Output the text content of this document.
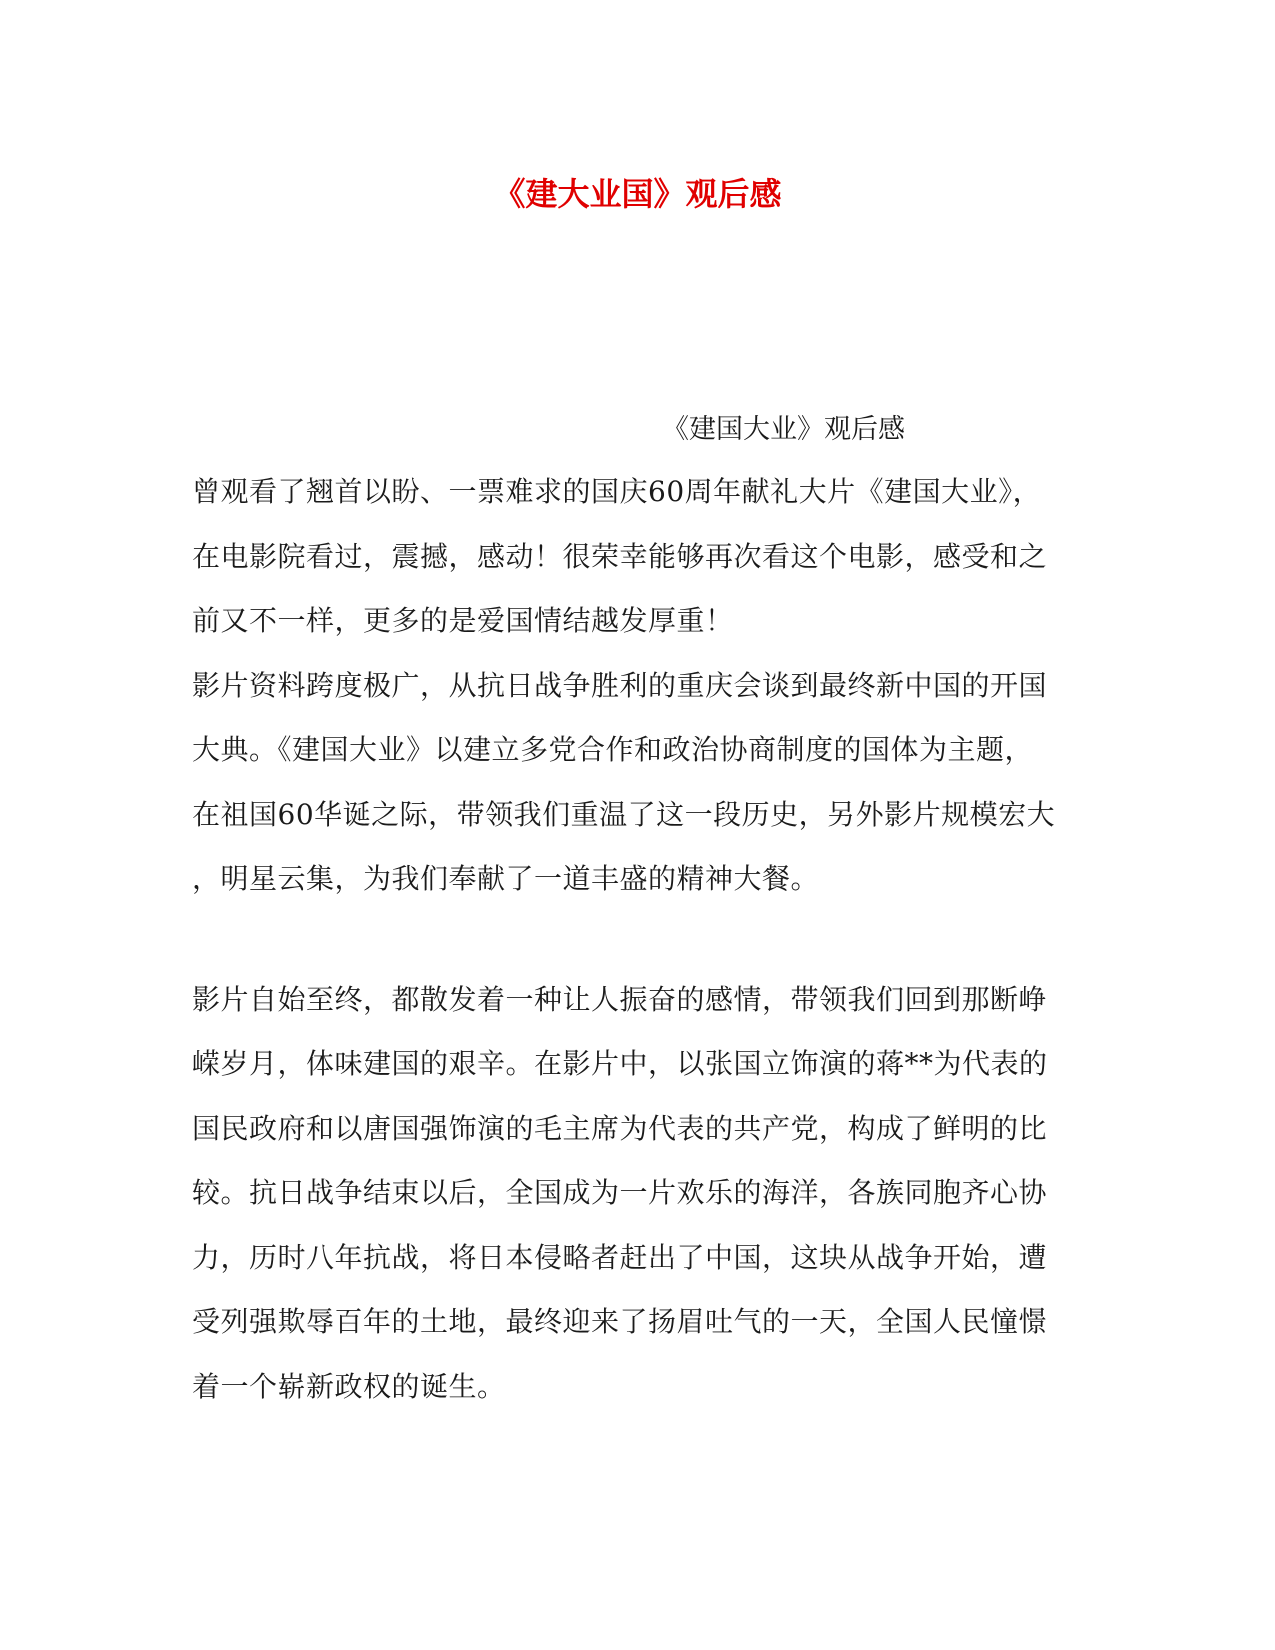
《建大业国》观后感

《建国大业》观后感

曾观看了翘首以盼、一票难求的国庆60周年献礼大片《建国大业》，

在电影院看过，震撼，感动！很荣幸能够再次看这个电影，感受和之

前又不一样，更多的是爱国情结越发厚重！

影片资料跨度极广，从抗日战争胜利的重庆会谈到最终新中国的开国

大典。《建国大业》以建立多党合作和政治协商制度的国体为主题，

在祖国60华诞之际，带领我们重温了这一段历史，另外影片规模宏大

，明星云集，为我们奉献了一道丰盛的精神大餐。

影片自始至终，都散发着一种让人振奋的感情，带领我们回到那断峥

嵘岁月，体味建国的艰辛。在影片中，以张国立饰演的蒋**为代表的

国民政府和以唐国强饰演的毛主席为代表的共产党，构成了鲜明的比

较。抗日战争结束以后，全国成为一片欢乐的海洋，各族同胞齐心协

力，历时八年抗战，将日本侵略者赶出了中国，这块从战争开始，遭

受列强欺辱百年的土地，最终迎来了扬眉吐气的一天，全国人民憧憬

着一个崭新政权的诞生。
